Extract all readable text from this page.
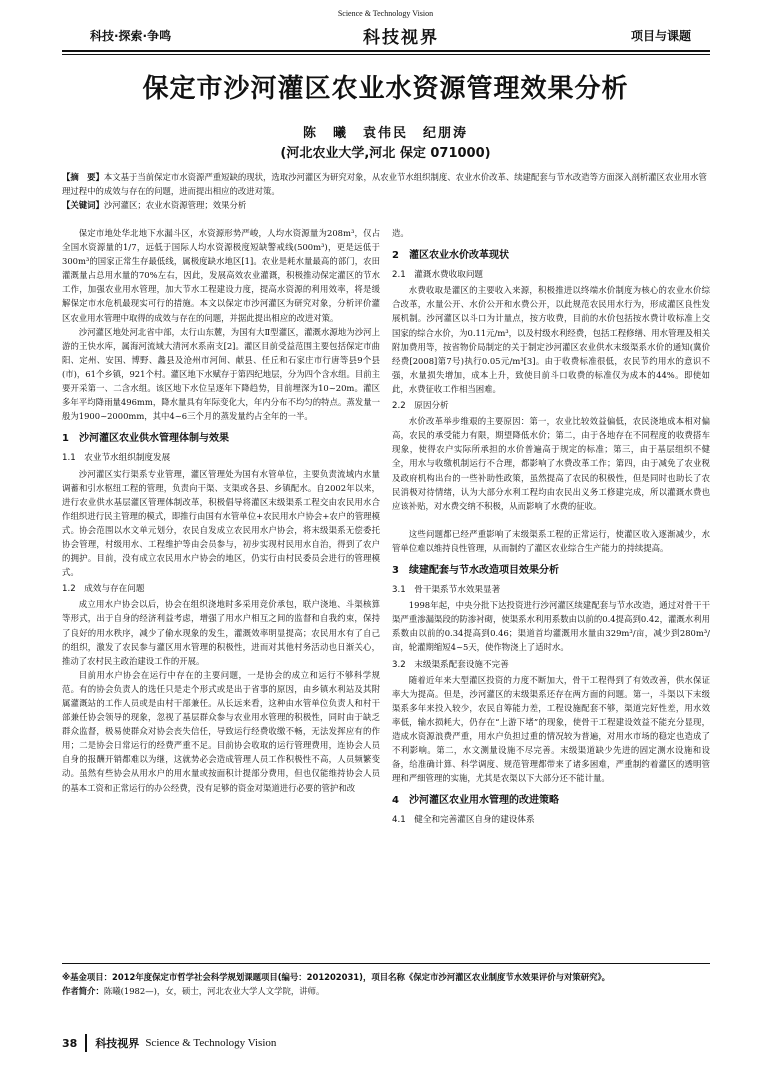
Science & Technology Vision
科技·探索·争鸣	科技视界	项目与课题
保定市沙河灌区农业水资源管理效果分析
陈　曦　袁伟民　纪朋涛
(河北农业大学,河北 保定 071000)
【摘　要】本文基于当前保定市水资源严重短缺的现状，选取沙河灌区为研究对象，从农业节水组织制度、农业水价改革、续建配套与节水改造等方面深入剖析灌区农业用水管理过程中的成效与存在的问题，进而提出相应的改进对策。
【关键词】沙河灌区；农业水资源管理；效果分析

保定市地处华北地下水漏斗区，水资源形势严峻，人均水资源量为208m³，仅占全国水资源量的1/7，远低于国际人均水资源极度短缺警戒线(500m³)，更是远低于300m³的国家正常生存最低线，属极度缺水地区[1]。农业是耗水量最高的部门，农田灌溉量占总用水量的70%左右，因此，发展高效农业灌溉，积极推动保定灌区的节水工作，加强农业用水管理，加大节水工程建设力度，提高水资源的利用效率，将是缓解保定市水危机最现实可行的措施。本文以保定市沙河灌区为研究对象，分析评价灌区农业用水管理中取得的成效与存在的问题，并据此提出相应的改进对策。

沙河灌区地处河北省中部，太行山东麓，为国有大Ⅱ型灌区，灌溉水源地为沙河上游的王快水库，属海河流域大清河水系南支[2]。灌区目前受益范围主要包括保定市曲阳、定州、安国、博野、蠡县及沧州市河间、献县、任丘和石家庄市行唐等县9个县(市)，61个乡镇，921个村。灌区地下水赋存于第四纪地层，分为四个含水组。目前主要开采第一、二含水组。该区地下水位呈逐年下降趋势，目前埋深为10~20m。灌区多年平均降雨量496mm，降水量具有年际变化大，年内分布不均匀的特点。蒸发量一般为1900~2000mm，其中4~6三个月的蒸发量约占全年的一半。

1　沙河灌区农业供水管理体制与效果
1.1　农业节水组织制度发展

沙河灌区实行渠系专业管理，灌区管理处为国有水管单位，主要负责流域内水量调蓄和引水枢纽工程的管理，负责向干渠、支渠或各县、乡镇配水。自2002年以来，进行农业供水基层灌区管理体制改革，积极倡导将灌区末级渠系工程交由农民用水合作组织进行民主管理的模式，即推行由国有水管单位+农民用水户协会+农户的管理模式。协会范围以水文单元划分，农民自发成立农民用水户协会，将末级渠系无偿委托协会管理，村级用水、工程维护等由会员参与，初步实现村民用水自治，得到了农户的拥护。目前，没有成立农民用水户协会的地区，仍实行由村民委员会进行的管理模式。

1.2　成效与存在问题

成立用水户协会以后，协会在组织浇地时多采用竞价承包，联户浇地、斗渠核算等形式，出于自身的经济利益考虑，增强了用水户相互之间的监督和自我约束，保持了良好的用水秩序，减少了偷水现象的发生，灌溉效率明显提高；农民用水有了自己的组织，激发了农民参与灌区用水管理的积极性，进而对其他村务活动也日渐关心，推动了农村民主政治建设工作的开展。

目前用水户协会在运行中存在的主要问题，一是协会的成立和运行不够科学规范。有的协会负责人的选任只是走个形式或是出于省事的原因，由乡镇水利站及其附属灌溉站的工作人员或是由村干部兼任。从长远来看，这种由水管单位负责人和村干部兼任协会领导的现象，忽视了基层群众参与农业用水管理的积极性，同时由于缺乏群众监督，极易使群众对协会丧失信任，导致运行经费收缴不畅，无法发挥应有的作用；二是协会日常运行的经费严重不足。目前协会收取的运行管理费用，连协会人员自身的报酬开销都难以为继，这就势必会造成管理人员工作积极性不高，人员频繁变动。虽然有些协会从用水户的用水量或按面积计提部分费用，但也仅能维持协会人员的基本工资和正常运行的办公经费，没有足够的资金对渠道进行必要的管护和改

造。

2　灌区农业水价改革现状
2.1　灌溉水费收取问题

水费收取是灌区的主要收入来源，积极推进以终端水价制度为核心的农业水价综合改革，水量公开、水价公开和水费公开，以此规范农民用水行为，形成灌区良性发展机制。沙河灌区以斗口为计量点，按方收费，目前的水价包括按水费计收标准上交国家的综合水价，为0.11元/m³，以及村级水利经费，包括工程修缮、用水管理及相关附加费用等，按省物价局制定的关于制定沙河灌区农业供水末级渠系水价的通知(冀价经费[2008]第7号)执行0.05元/m³[3]。由于收费标准很低，农民节约用水的意识不强，水量损失增加，成本上升，致使目前斗口收费的标准仅为成本的44%。即使如此，水费征收工作相当困难。

2.2　原因分析

水价改革举步维艰的主要原因：第一，农业比较效益偏低，农民浇地成本相对偏高，农民的承受能力有限，期望降低水价；第二，由于各地存在不同程度的收费搭车现象，使得农户实际所承担的水价普遍高于规定的标准；第三，由于基层组织不健全，用水与收缴机制运行不合理，都影响了水费改革工作；第四，由于减免了农业税及政府机构出台的一些补助性政策，虽然提高了农民的积极性，但是同时也助长了农民消极对待情绪，认为大部分水利工程均由农民出义务工修建完成，所以灌溉水费也应该补贴，对水费交纳不积极，从而影响了水费的征收。

这些问题都已经严重影响了末级渠系工程的正常运行，使灌区收入逐渐减少，水管单位难以维持良性管理，从而制约了灌区农业综合生产能力的持续提高。

3　续建配套与节水改造项目效果分析
3.1　骨干渠系节水效果显著

1998年起，中央分批下达投资进行沙河灌区续建配套与节水改造，通过对骨干干渠严重渗漏渠段的防渗衬砌，使渠系水利用系数由以前的0.4提高到0.42，灌溉水利用系数由以前的0.34提高到0.46；渠道首均灌溉用水量由329m³/亩，减少到280m³/亩，轮灌期缩短4~5天，使作物浇上了适时水。

3.2　末级渠系配套设施不完善

随着近年来大型灌区投资的力度不断加大，骨干工程得到了有效改善，供水保证率大为提高。但是，沙河灌区的末级渠系还存在两方面的问题。第一，斗渠以下末级渠系多年来投入较少，农民自筹能力差，工程设施配套不够，渠道完好性差，用水效率低，输水损耗大，仍存在“上游下堵”的现象，使骨干工程建设效益不能充分显现，造成水资源浪费严重，用水户负担过重的情况较为普遍，对用水市场的稳定也造成了不利影响。第二，水文测量设施不尽完善。末级渠道缺少先进的固定测水设施和设备，给准确计算、科学调度、规范管理都带来了诸多困难，严重制约着灌区的透明管理和严细管理的实施，尤其是农渠以下大部分还不能计量。

4　沙河灌区农业用水管理的改进策略
4.1　健全和完善灌区自身的建设体系

※基金项目：2012年度保定市哲学社会科学规划课题项目(编号：201202031)，项目名称《保定市沙河灌区农业制度节水效果评价与对策研究》。

作者简介：陈曦(1982—)，女，硕士，河北农业大学人文学院，讲师。

38 科技视界 Science & Technology Vision
